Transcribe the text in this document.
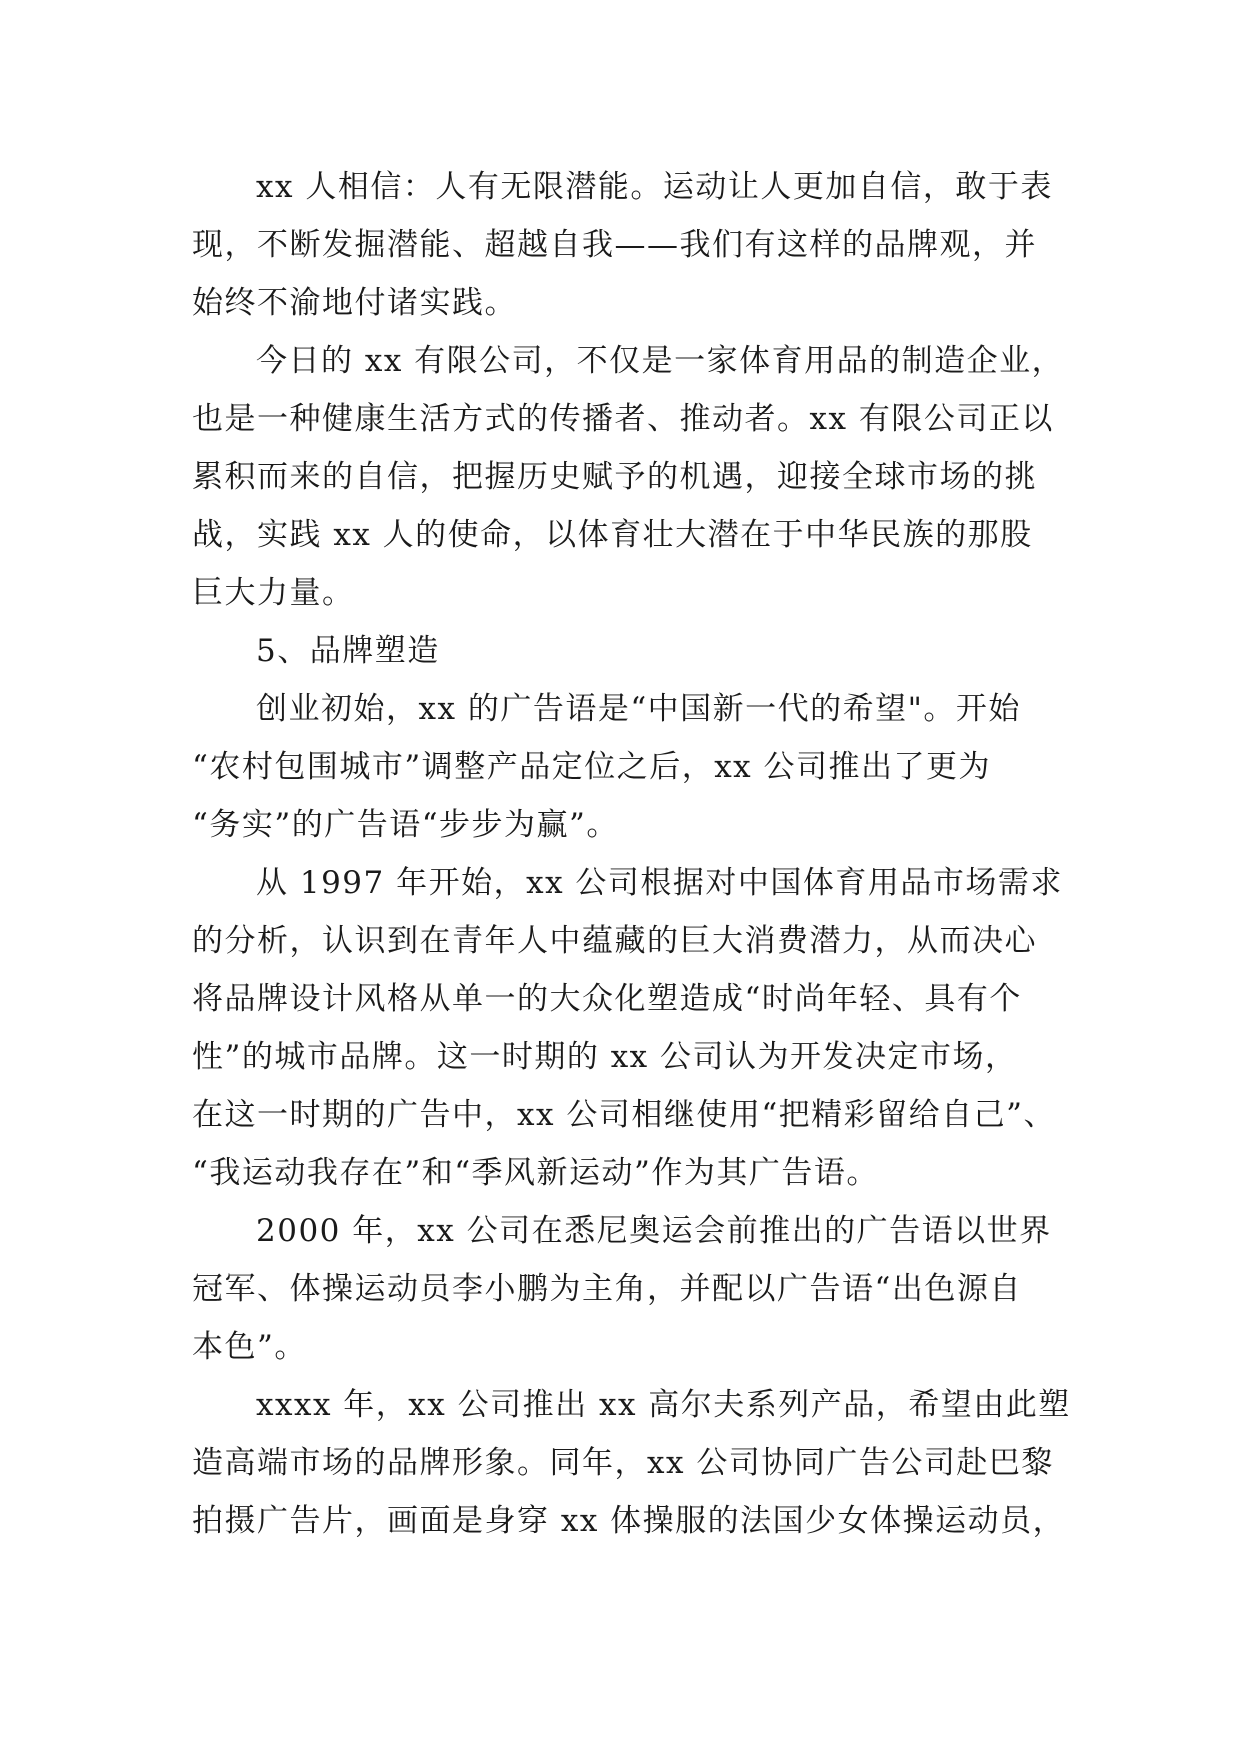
xx 人相信：人有无限潜能。运动让人更加自信，敢于表
现，不断发掘潜能、超越自我——我们有这样的品牌观，并
始终不渝地付诸实践。
今日的 xx 有限公司，不仅是一家体育用品的制造企业，
也是一种健康生活方式的传播者、推动者。xx 有限公司正以
累积而来的自信，把握历史赋予的机遇，迎接全球市场的挑
战，实践 xx 人的使命，以体育壮大潜在于中华民族的那股
巨大力量。
5、品牌塑造
创业初始，xx 的广告语是“中国新一代的希望"。开始
“农村包围城市”调整产品定位之后，xx 公司推出了更为
“务实”的广告语“步步为赢”。
从 1997 年开始，xx 公司根据对中国体育用品市场需求
的分析，认识到在青年人中蕴藏的巨大消费潜力，从而决心
将品牌设计风格从单一的大众化塑造成“时尚年轻、具有个
性”的城市品牌。这一时期的 xx 公司认为开发决定市场，
在这一时期的广告中，xx 公司相继使用“把精彩留给自己”、
“我运动我存在”和“季风新运动”作为其广告语。
2000 年，xx 公司在悉尼奥运会前推出的广告语以世界
冠军、体操运动员李小鹏为主角，并配以广告语“出色源自
本色”。
xxxx 年，xx 公司推出 xx 高尔夫系列产品，希望由此塑
造高端市场的品牌形象。同年，xx 公司协同广告公司赴巴黎
拍摄广告片，画面是身穿 xx 体操服的法国少女体操运动员，
